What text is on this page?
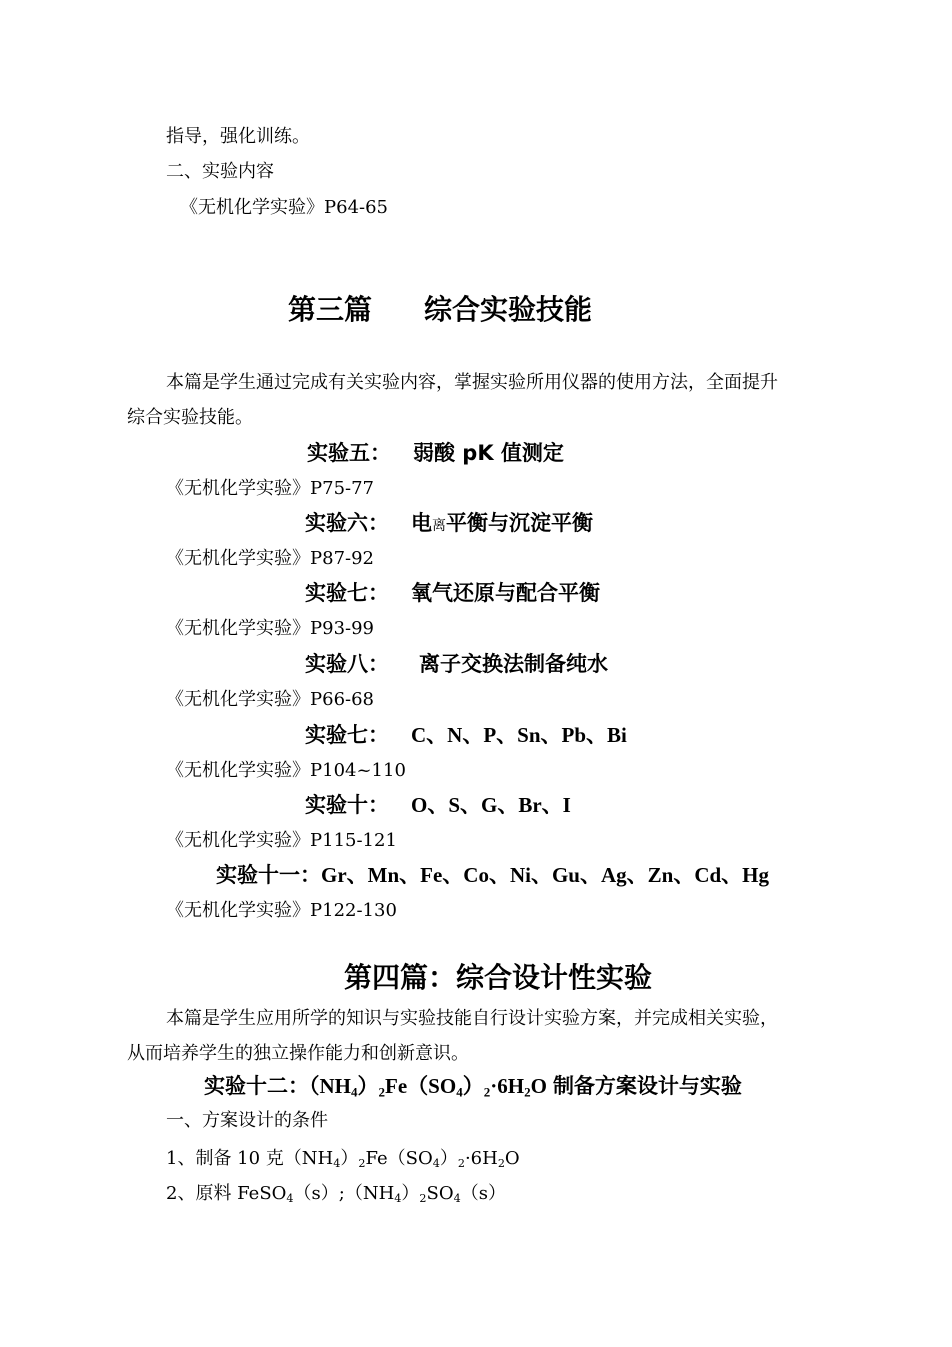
指导，强化训练。
二、实验内容
《无机化学实验》P64-65
第三篇 综合实验技能
本篇是学生通过完成有关实验内容，掌握实验所用仪器的使用方法，全面提升
综合实验技能。
实验五： 弱酸 pK 值测定
《无机化学实验》P75-77
实验六： 电离平衡与沉淀平衡
《无机化学实验》P87-92
实验七： 氧气还原与配合平衡
《无机化学实验》P93-99
实验八： 离子交换法制备纯水
《无机化学实验》P66-68
实验七： C、N、P、Sn、Pb、Bi
《无机化学实验》P104~110
实验十： O、S、G、Br、I
《无机化学实验》P115-121
实验十一：Gr、Mn、Fe、Co、Ni、Gu、Ag、Zn、Cd、Hg
《无机化学实验》P122-130
第四篇：综合设计性实验
本篇是学生应用所学的知识与实验技能自行设计实验方案，并完成相关实验，
从而培养学生的独立操作能力和创新意识。
实验十二：$(NH_4)_2Fe(SO_4)_2\cdot 6H_2O$ 制备方案设计与实验
一、方案设计的条件
1、制备 10 克$(NH_4)_2Fe(SO_4)_2\cdot 6H_2O$
2、原料 $FeSO_4(s);(NH_4)_2SO_4(s)$
